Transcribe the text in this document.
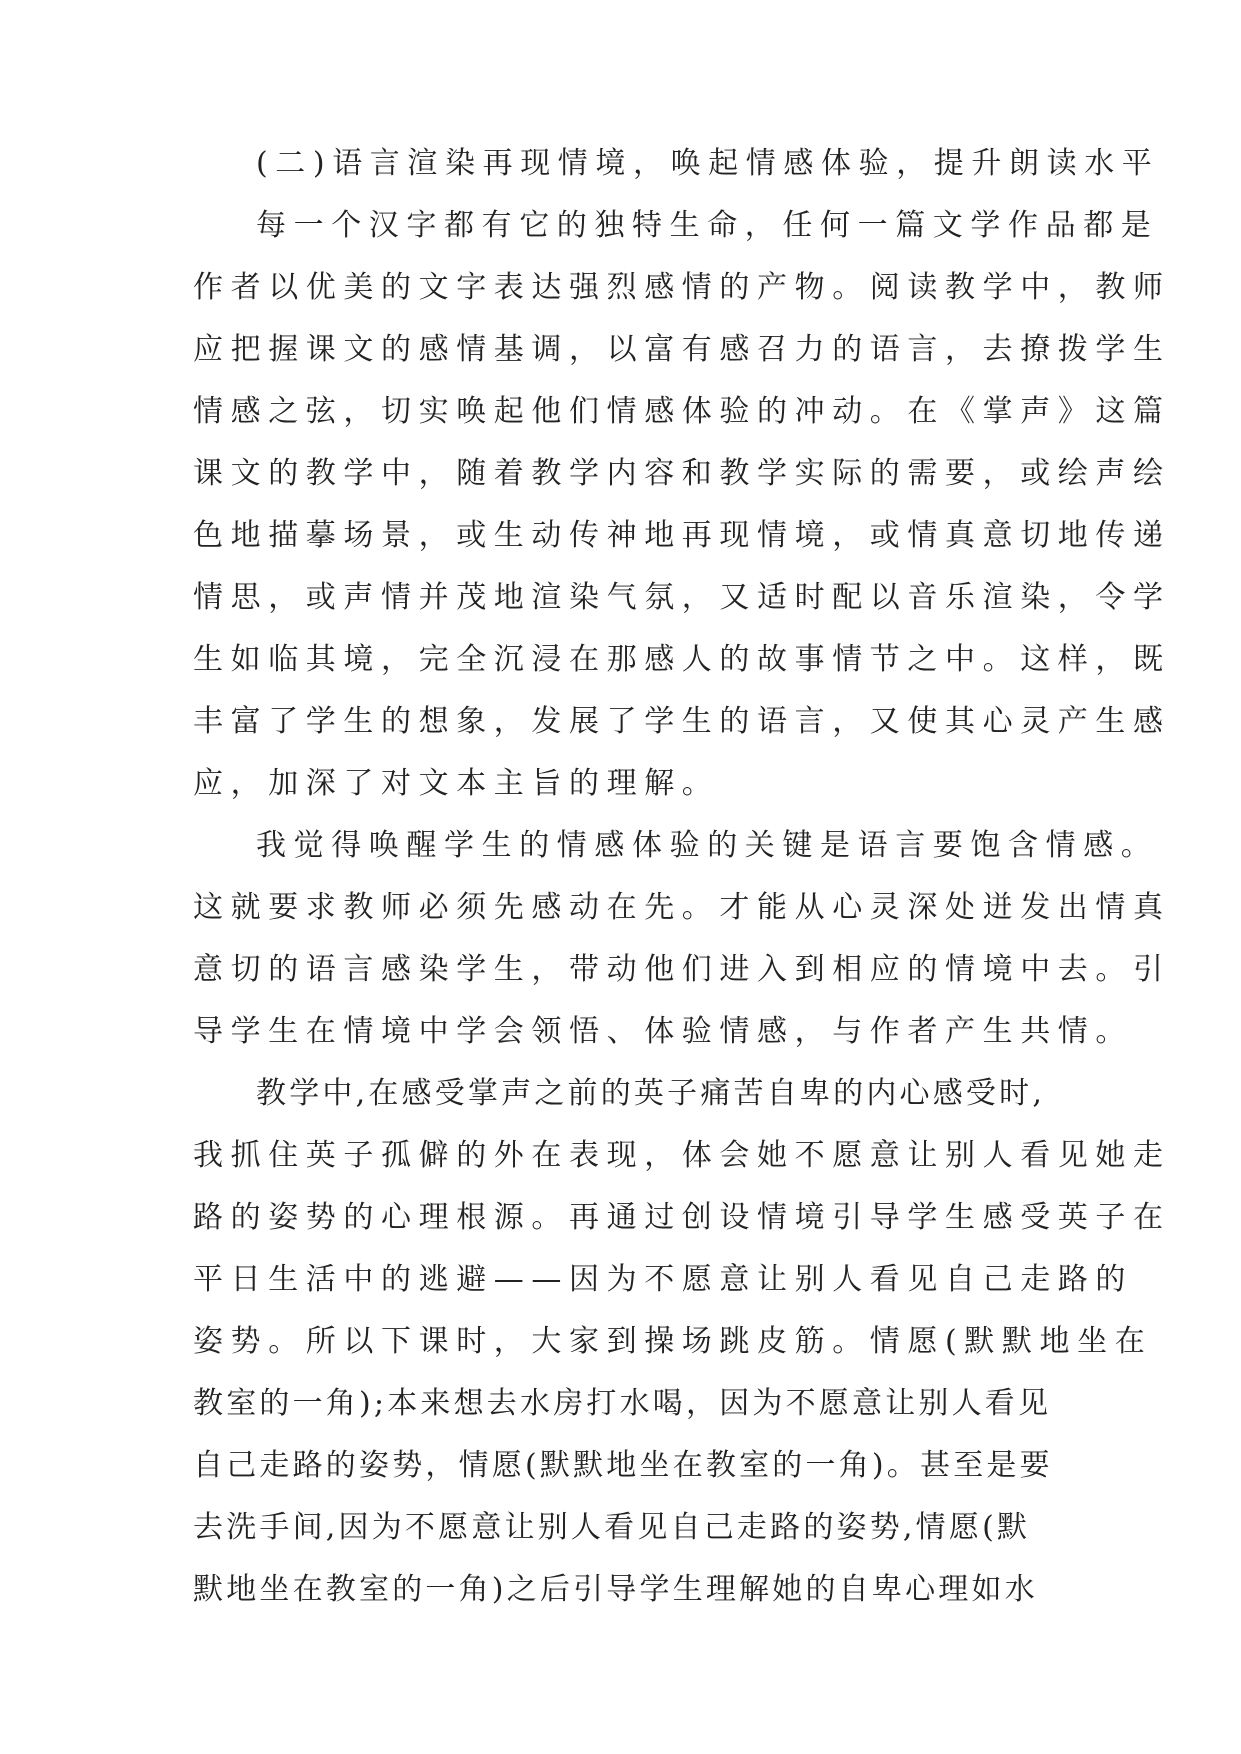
(二)语言渲染再现情境，唤起情感体验，提升朗读水平

每一个汉字都有它的独特生命，任何一篇文学作品都是

作者以优美的文字表达强烈感情的产物。阅读教学中，教师

应把握课文的感情基调，以富有感召力的语言，去撩拨学生

情感之弦，切实唤起他们情感体验的冲动。在《掌声》这篇

课文的教学中，随着教学内容和教学实际的需要，或绘声绘

色地描摹场景，或生动传神地再现情境，或情真意切地传递

情思，或声情并茂地渲染气氛，又适时配以音乐渲染，令学

生如临其境，完全沉浸在那感人的故事情节之中。这样，既

丰富了学生的想象，发展了学生的语言，又使其心灵产生感

应，加深了对文本主旨的理解。

我觉得唤醒学生的情感体验的关键是语言要饱含情感。

这就要求教师必须先感动在先。才能从心灵深处迸发出情真

意切的语言感染学生，带动他们进入到相应的情境中去。引

导学生在情境中学会领悟、体验情感，与作者产生共情。

教学中,在感受掌声之前的英子痛苦自卑的内心感受时,

我抓住英子孤僻的外在表现，体会她不愿意让别人看见她走

路的姿势的心理根源。再通过创设情境引导学生感受英子在

平日生活中的逃避——因为不愿意让别人看见自己走路的

姿势。所以下课时，大家到操场跳皮筋。情愿(默默地坐在

教室的一角);本来想去水房打水喝，因为不愿意让别人看见

自己走路的姿势，情愿(默默地坐在教室的一角)。甚至是要

去洗手间,因为不愿意让别人看见自己走路的姿势,情愿(默

默地坐在教室的一角)之后引导学生理解她的自卑心理如水
